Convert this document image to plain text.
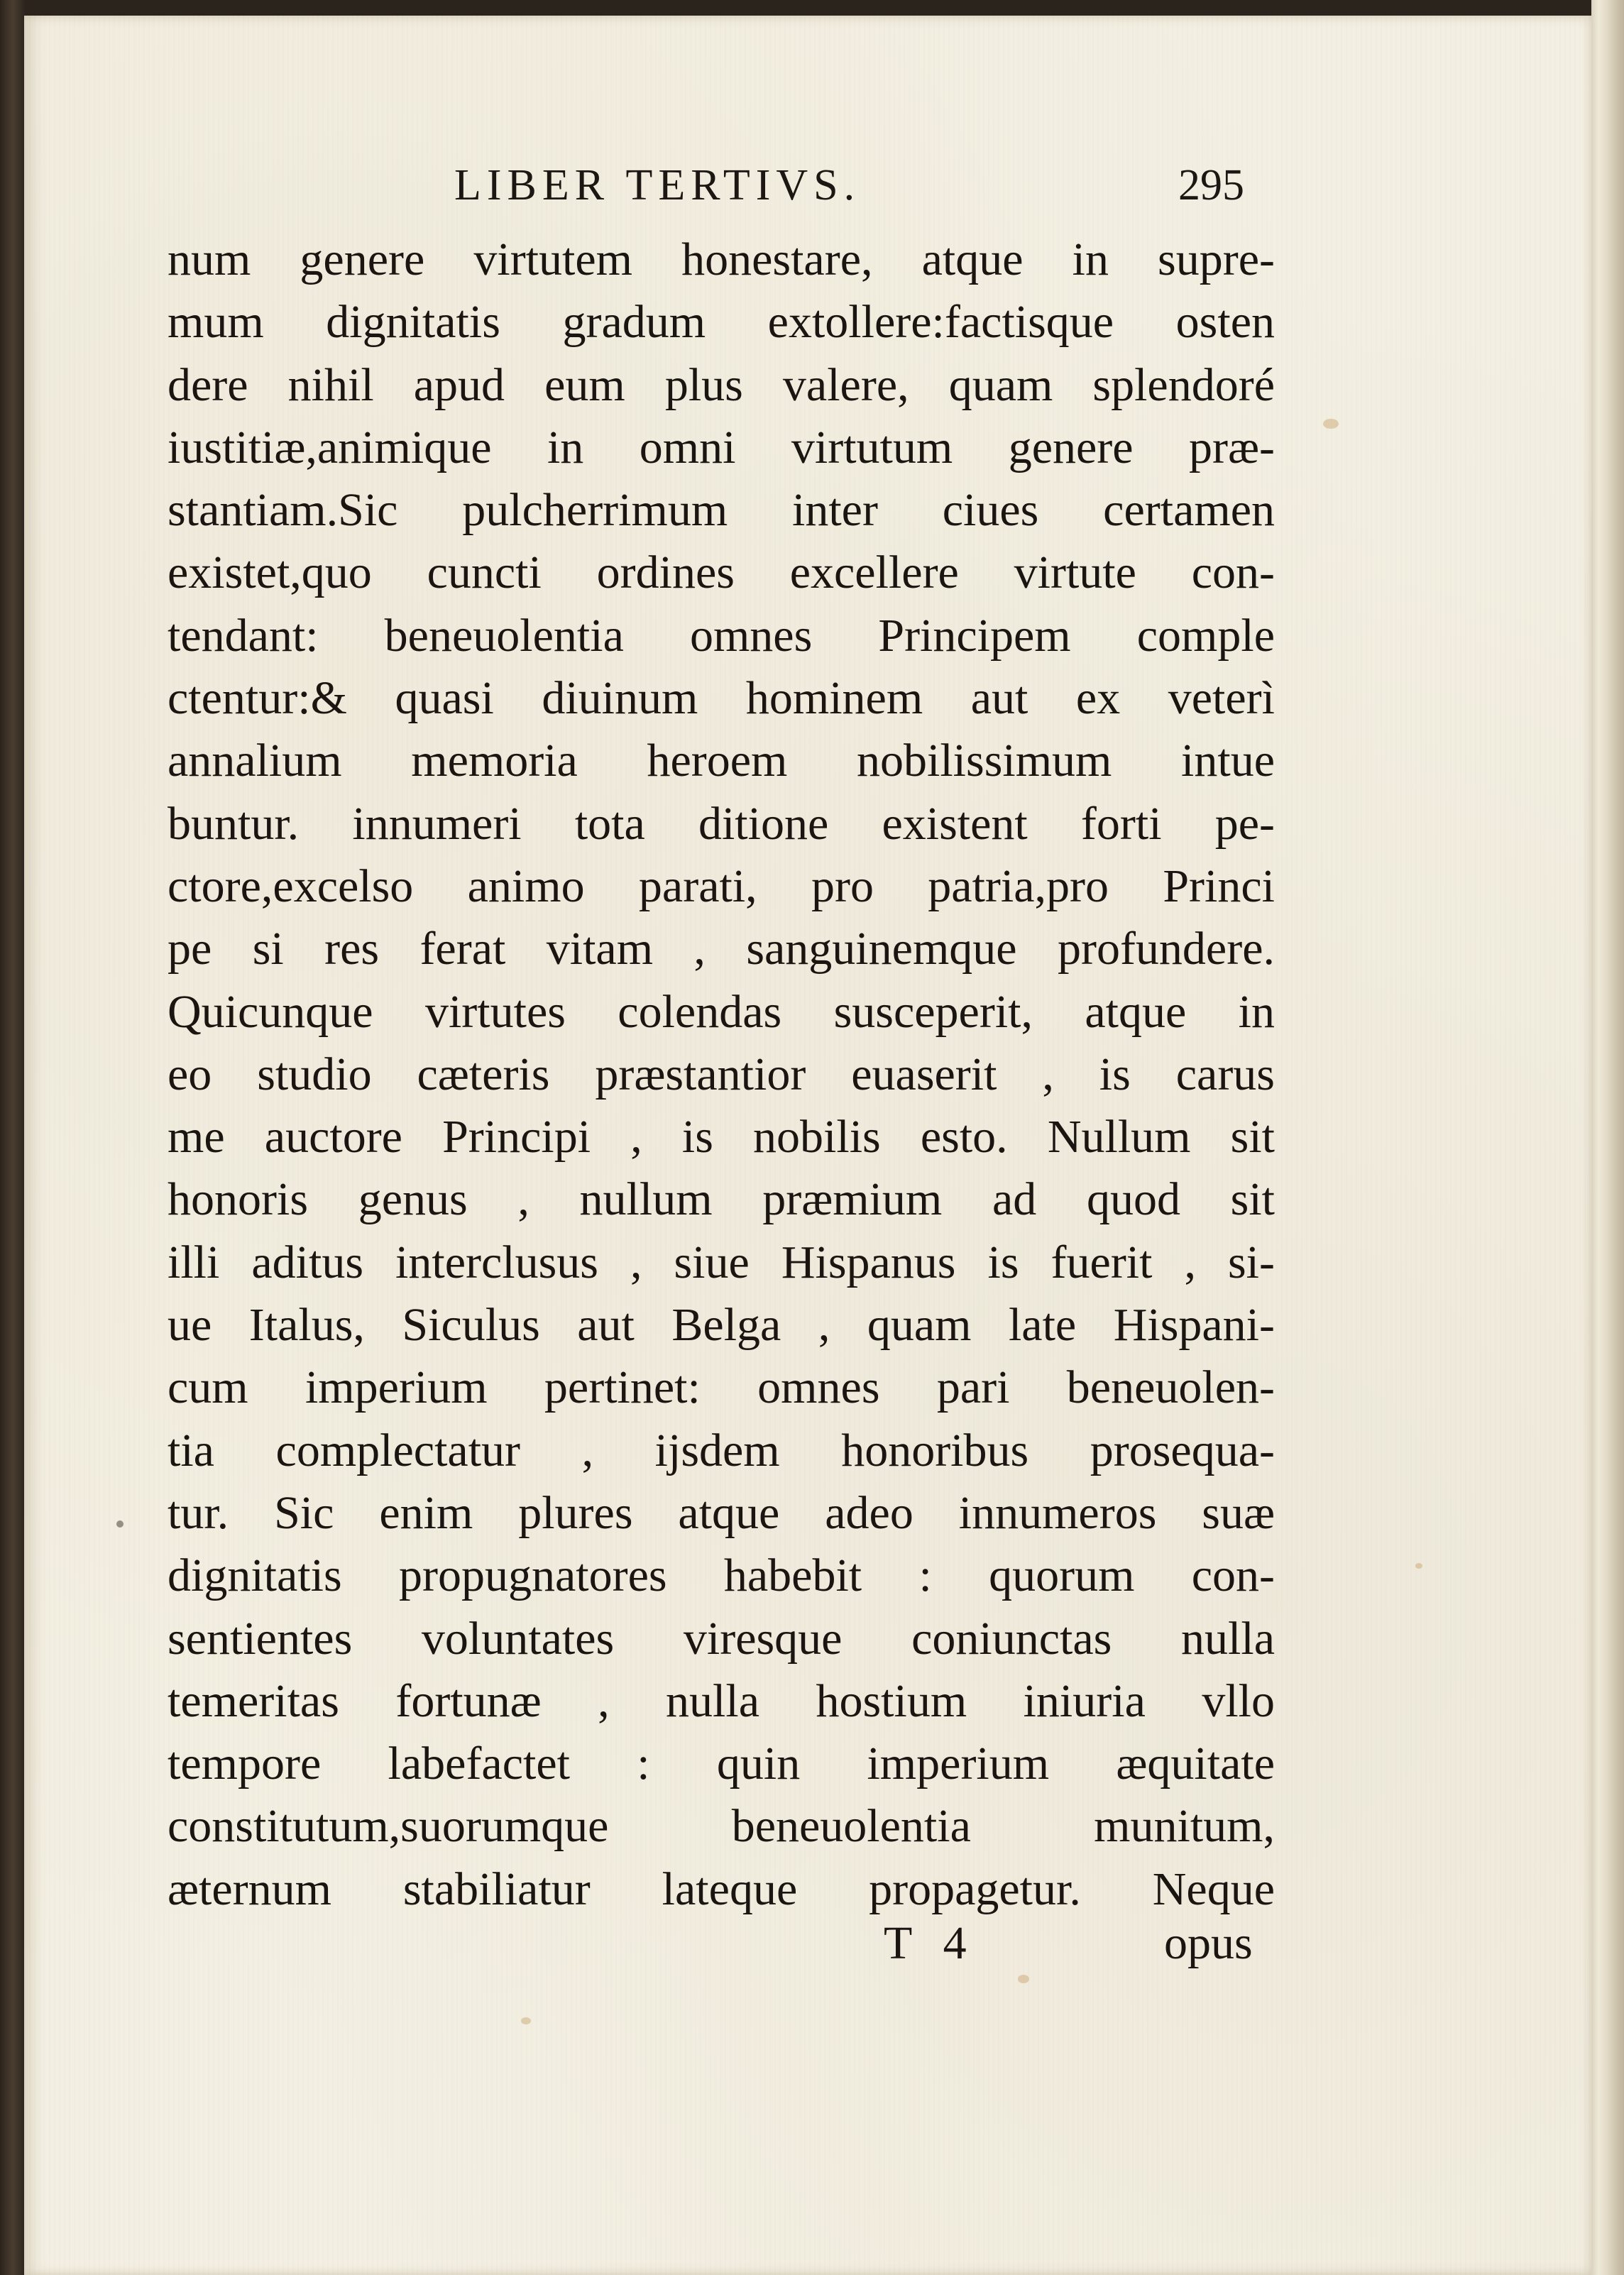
LIBER TERTIVS.	295
num genere virtutem honestare, atque in supre-
mum dignitatis gradum extollere:factisque osten
dere nihil apud eum plus valere, quam splendoré
iustitiæ,animique in omni virtutum genere præ-
stantiam.Sic pulcherrimum inter ciues certamen
existet,quo cuncti ordines excellere virtute con-
tendant: beneuolentia omnes Principem comple
ctentur:& quasi diuinum hominem aut ex veterì
annalium memoria heroem nobilissimum intue
buntur. innumeri tota ditione existent forti pe-
ctore,excelso animo parati, pro patria,pro Princi
pe si res ferat vitam , sanguinemque profundere.
Quicunque virtutes colendas susceperit, atque in
eo studio cæteris præstantior euaserit , is carus
me auctore Principi , is nobilis esto. Nullum sit
honoris genus , nullum præmium ad quod sit
illi aditus interclusus , siue Hispanus is fuerit , si-
ue Italus, Siculus aut Belga , quam late Hispani-
cum imperium pertinet: omnes pari beneuolen-
tia complectatur , ijsdem honoribus prosequa-
tur. Sic enim plures atque adeo innumeros suæ
dignitatis propugnatores habebit : quorum con-
sentientes voluntates viresque coniunctas nulla
temeritas fortunæ , nulla hostium iniuria vllo
tempore labefactet : quin imperium æquitate
constitutum,suorumque beneuolentia munitum,
æternum stabiliatur lateque propagetur. Neque
T 4	opus
